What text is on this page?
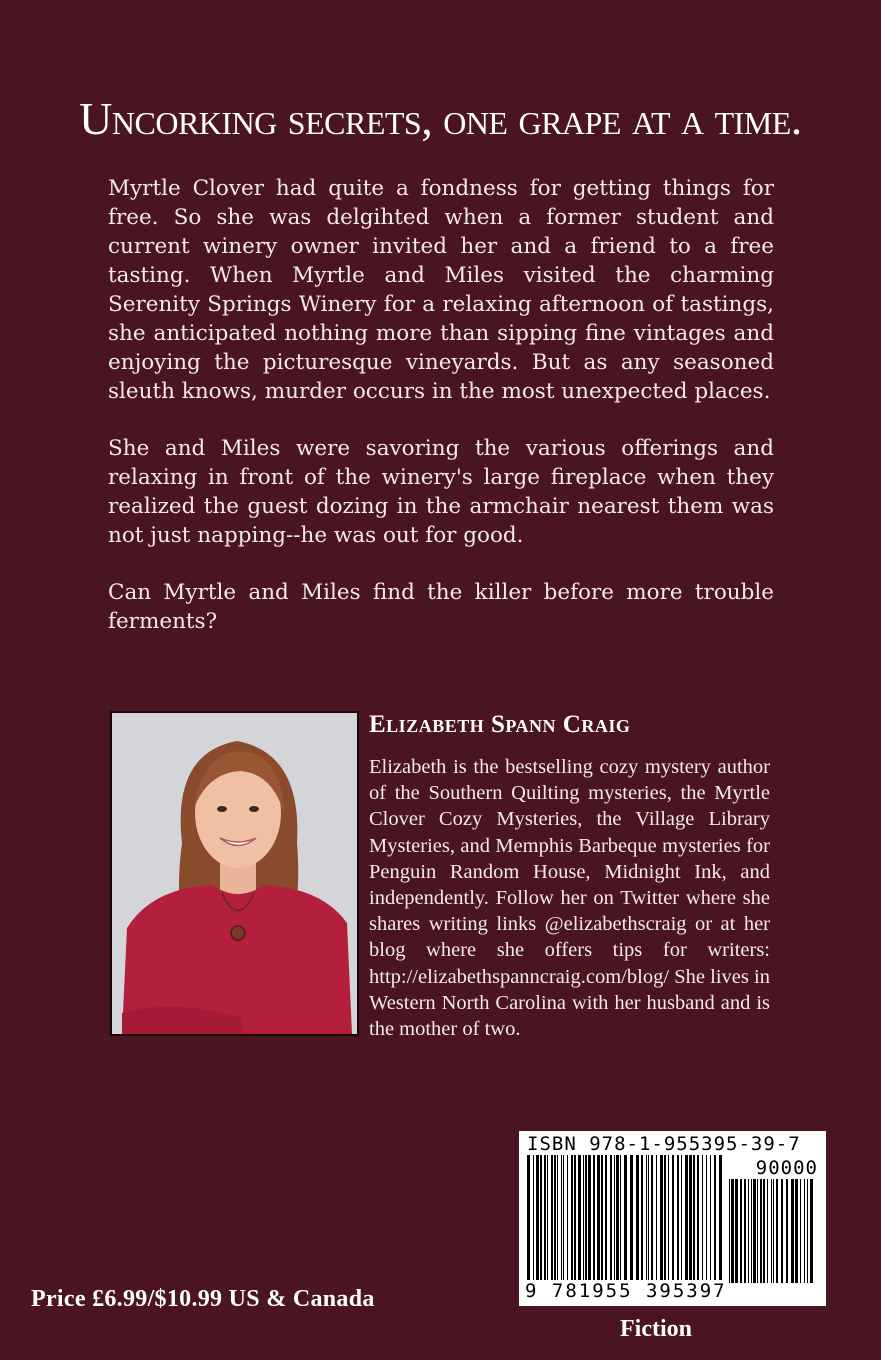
Uncorking secrets, one grape at a time.

Myrtle Clover had quite a fondness for getting things for free. So she was delgihted when a former student and current winery owner invited her and a friend to a free tasting. When Myrtle and Miles visited the charming Serenity Springs Winery for a relaxing afternoon of tastings, she anticipated nothing more than sipping fine vintages and enjoying the picturesque vineyards. But as any seasoned sleuth knows, murder occurs in the most unexpected places.

She and Miles were savoring the various offerings and relaxing in front of the winery's large fireplace when they realized the guest dozing in the armchair nearest them was not just napping--he was out for good.

Can Myrtle and Miles find the killer before more trouble ferments?

Elizabeth Spann Craig
Elizabeth is the bestselling cozy mystery author of the Southern Quilting mysteries, the Myrtle Clover Cozy Mysteries, the Village Library Mysteries, and Memphis Barbeque mysteries for Penguin Random House, Midnight Ink, and independently. Follow her on Twitter where she shares writing links @elizabethscraig or at her blog where she offers tips for writers: http://elizabethspanncraig.com/blog/ She lives in Western North Carolina with her husband and is the mother of two.
ISBN 978-1-955395-39-7
90000
9 781955 395397
Price £6.99/$10.99 US & Canada
Fiction
